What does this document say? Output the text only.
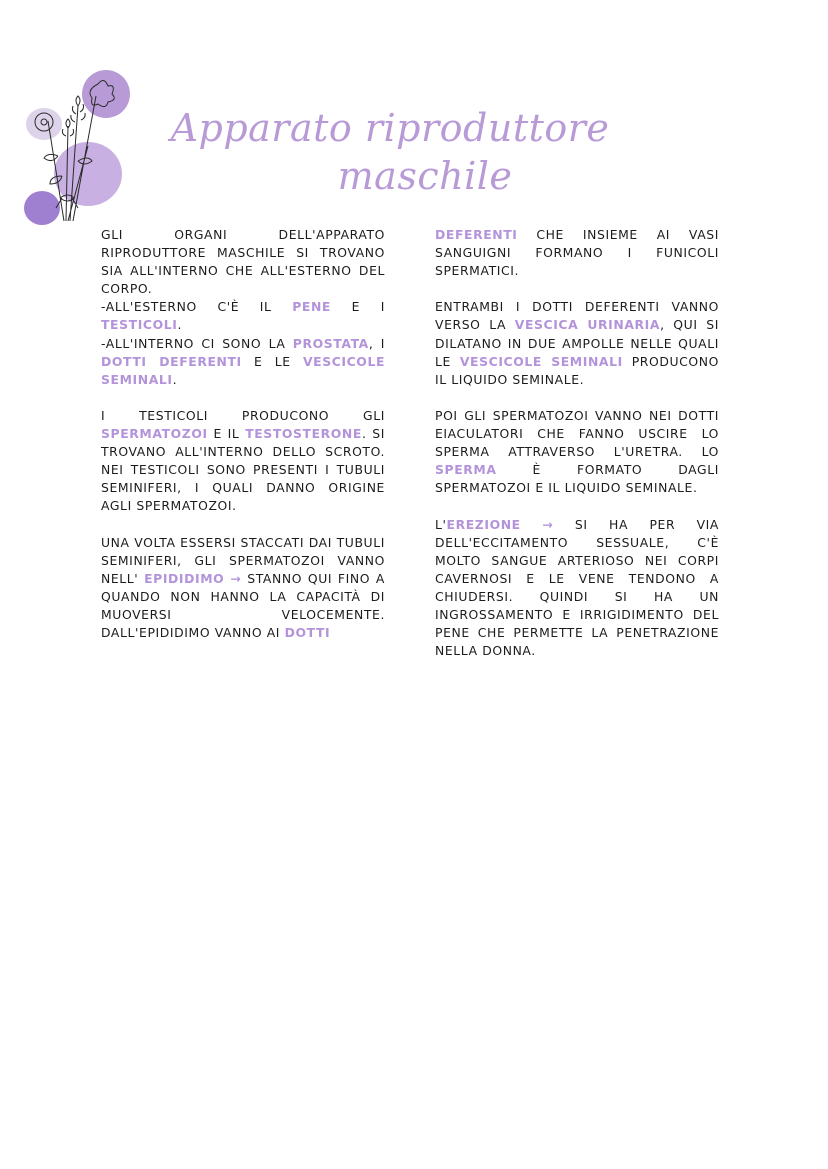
Apparato riproduttore
maschile

GLI ORGANI DELL'APPARATO RIPRODUTTORE MASCHILE SI TROVANO SIA ALL'INTERNO CHE ALL'ESTERNO DEL CORPO.

-ALL'ESTERNO C'È IL PENE E I TESTICOLI.

-ALL'INTERNO CI SONO LA PROSTATA, I DOTTI DEFERENTI E LE VESCICOLE SEMINALI.

I TESTICOLI PRODUCONO GLI SPERMATOZOI E IL TESTOSTERONE. SI TROVANO ALL'INTERNO DELLO SCROTO. NEI TESTICOLI SONO PRESENTI I TUBULI SEMINIFERI, I QUALI DANNO ORIGINE AGLI SPERMATOZOI.

UNA VOLTA ESSERSI STACCATI DAI TUBULI SEMINIFERI, GLI SPERMATOZOI VANNO NELL' EPIDIDIMO → STANNO QUI FINO A QUANDO NON HANNO LA CAPACITÀ DI MUOVERSI VELOCEMENTE. DALL'EPIDIDIMO VANNO AI DOTTI

DEFERENTI CHE INSIEME AI VASI SANGUIGNI FORMANO I FUNICOLI SPERMATICI.

ENTRAMBI I DOTTI DEFERENTI VANNO VERSO LA VESCICA URINARIA, QUI SI DILATANO IN DUE AMPOLLE NELLE QUALI LE VESCICOLE SEMINALI PRODUCONO IL LIQUIDO SEMINALE.

POI GLI SPERMATOZOI VANNO NEI DOTTI EIACULATORI CHE FANNO USCIRE LO SPERMA ATTRAVERSO L'URETRA. LO SPERMA È FORMATO DAGLI SPERMATOZOI E IL LIQUIDO SEMINALE.

L'EREZIONE → SI HA PER VIA DELL'ECCITAMENTO SESSUALE, C'È MOLTO SANGUE ARTERIOSO NEI CORPI CAVERNOSI E LE VENE TENDONO A CHIUDERSI. QUINDI SI HA UN INGROSSAMENTO E IRRIGIDIMENTO DEL PENE CHE PERMETTE LA PENETRAZIONE NELLA DONNA.
